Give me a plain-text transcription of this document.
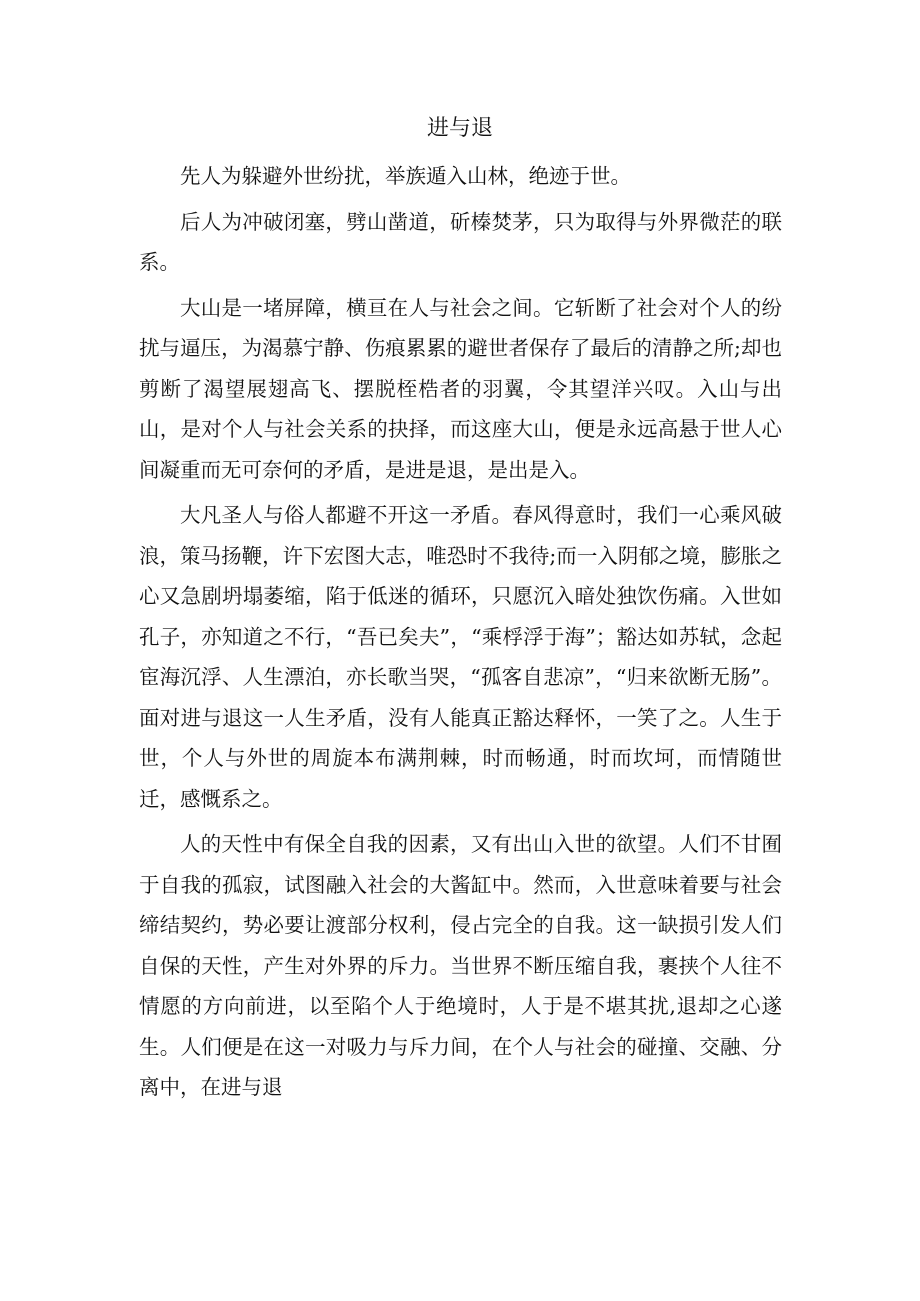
进与退

先人为躲避外世纷扰，举族遁入山林，绝迹于世。

后人为冲破闭塞，劈山凿道，斫榛焚茅，只为取得与外界微茫的联系。

大山是一堵屏障，横亘在人与社会之间。它斩断了社会对个人的纷扰与逼压，为渴慕宁静、伤痕累累的避世者保存了最后的清静之所;却也剪断了渴望展翅高飞、摆脱桎梏者的羽翼，令其望洋兴叹。入山与出山，是对个人与社会关系的抉择，而这座大山，便是永远高悬于世人心间凝重而无可奈何的矛盾，是进是退，是出是入。

大凡圣人与俗人都避不开这一矛盾。春风得意时，我们一心乘风破浪，策马扬鞭，许下宏图大志，唯恐时不我待;而一入阴郁之境，膨胀之心又急剧坍塌萎缩，陷于低迷的循环，只愿沉入暗处独饮伤痛。入世如孔子，亦知道之不行，“吾已矣夫”，“乘桴浮于海”；豁达如苏轼，念起宦海沉浮、人生漂泊，亦长歌当哭，“孤客自悲凉”，“归来欲断无肠”。面对进与退这一人生矛盾，没有人能真正豁达释怀，一笑了之。人生于世，个人与外世的周旋本布满荆棘，时而畅通，时而坎坷，而情随世迁，感慨系之。

人的天性中有保全自我的因素，又有出山入世的欲望。人们不甘囿于自我的孤寂，试图融入社会的大酱缸中。然而，入世意味着要与社会缔结契约，势必要让渡部分权利，侵占完全的自我。这一缺损引发人们自保的天性，产生对外界的斥力。当世界不断压缩自我，裹挟个人往不情愿的方向前进，以至陷个人于绝境时，人于是不堪其扰,退却之心遂生。人们便是在这一对吸力与斥力间，在个人与社会的碰撞、交融、分离中，在进与退
